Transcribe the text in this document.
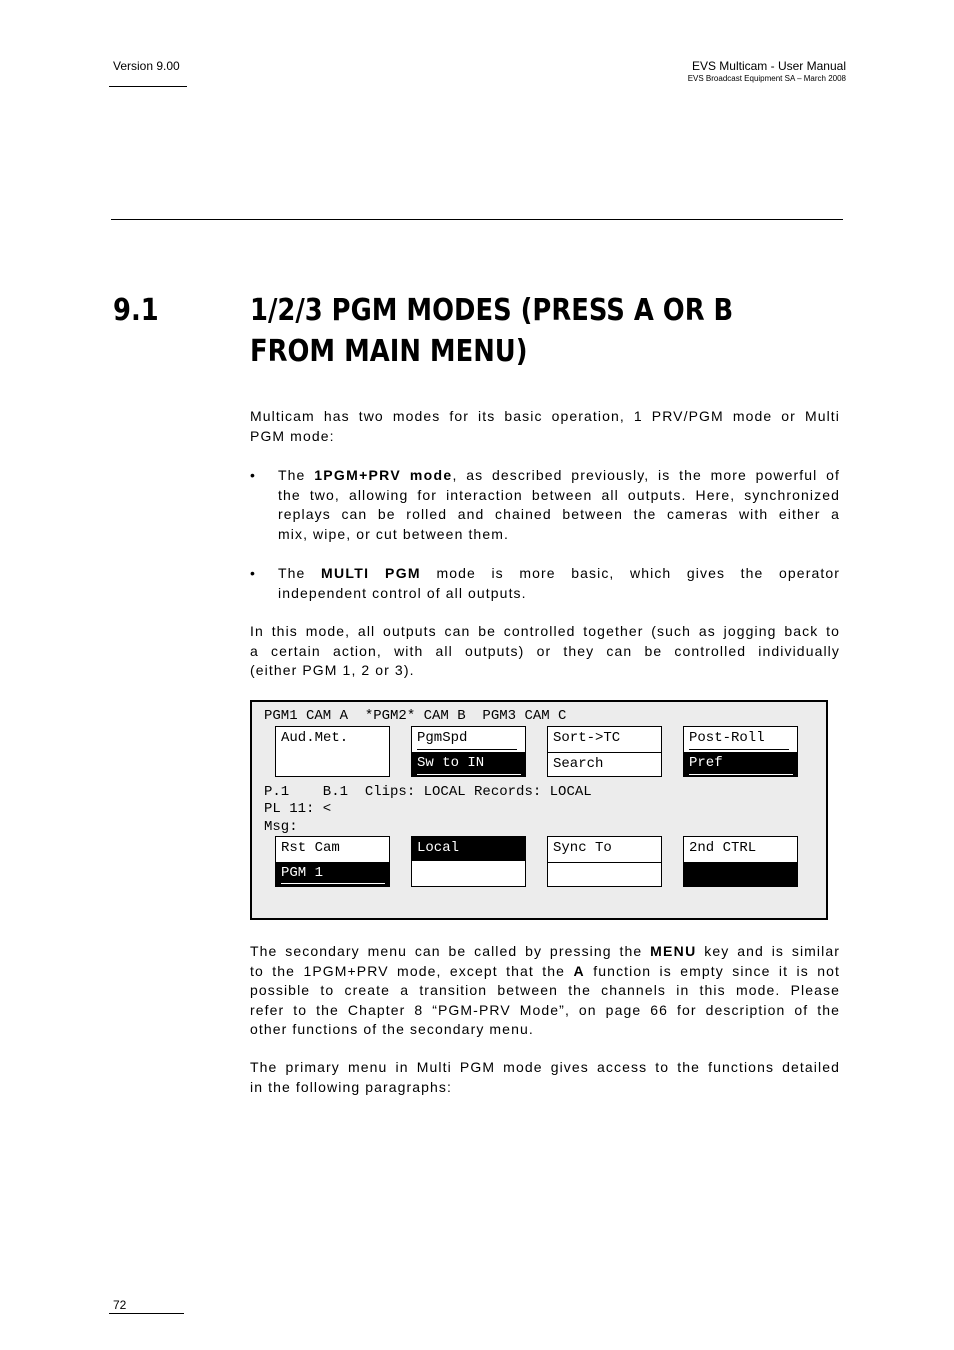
Version 9.00	EVS Multicam - User Manual
EVS Broadcast Equipment SA – March 2008
9.1	1/2/3 PGM MODES (PRESS A OR B
FROM MAIN MENU)
Multicam has two modes for its basic operation, 1 PRV/PGM mode or Multi
PGM mode:
• The 1PGM+PRV mode, as described previously, is the more powerful of
the two, allowing for interaction between all outputs. Here, synchronized
replays can be rolled and chained between the cameras with either a
mix, wipe, or cut between them.
• The MULTI PGM mode is more basic, which gives the operator
independent control of all outputs.
In this mode, all outputs can be controlled together (such as jogging back to
a certain action, with all outputs) or they can be controlled individually
(either PGM 1, 2 or 3).
PGM1 CAM A  *PGM2* CAM B  PGM3 CAM C
Aud.Met.	PgmSpd
Sw to IN
Sort->TC
Search
Post-Roll
Pref
P.1    B.1  Clips: LOCAL Records: LOCAL
PL 11: <
Msg:
Rst Cam
PGM 1
Local	Sync To	2nd CTRL
The secondary menu can be called by pressing the MENU key and is similar
to the 1PGM+PRV mode, except that the A function is empty since it is not
possible to create a transition between the channels in this mode. Please
refer to the Chapter 8 “PGM-PRV Mode”, on page 66 for description of the
other functions of the secondary menu.
The primary menu in Multi PGM mode gives access to the functions detailed
in the following paragraphs:
72
